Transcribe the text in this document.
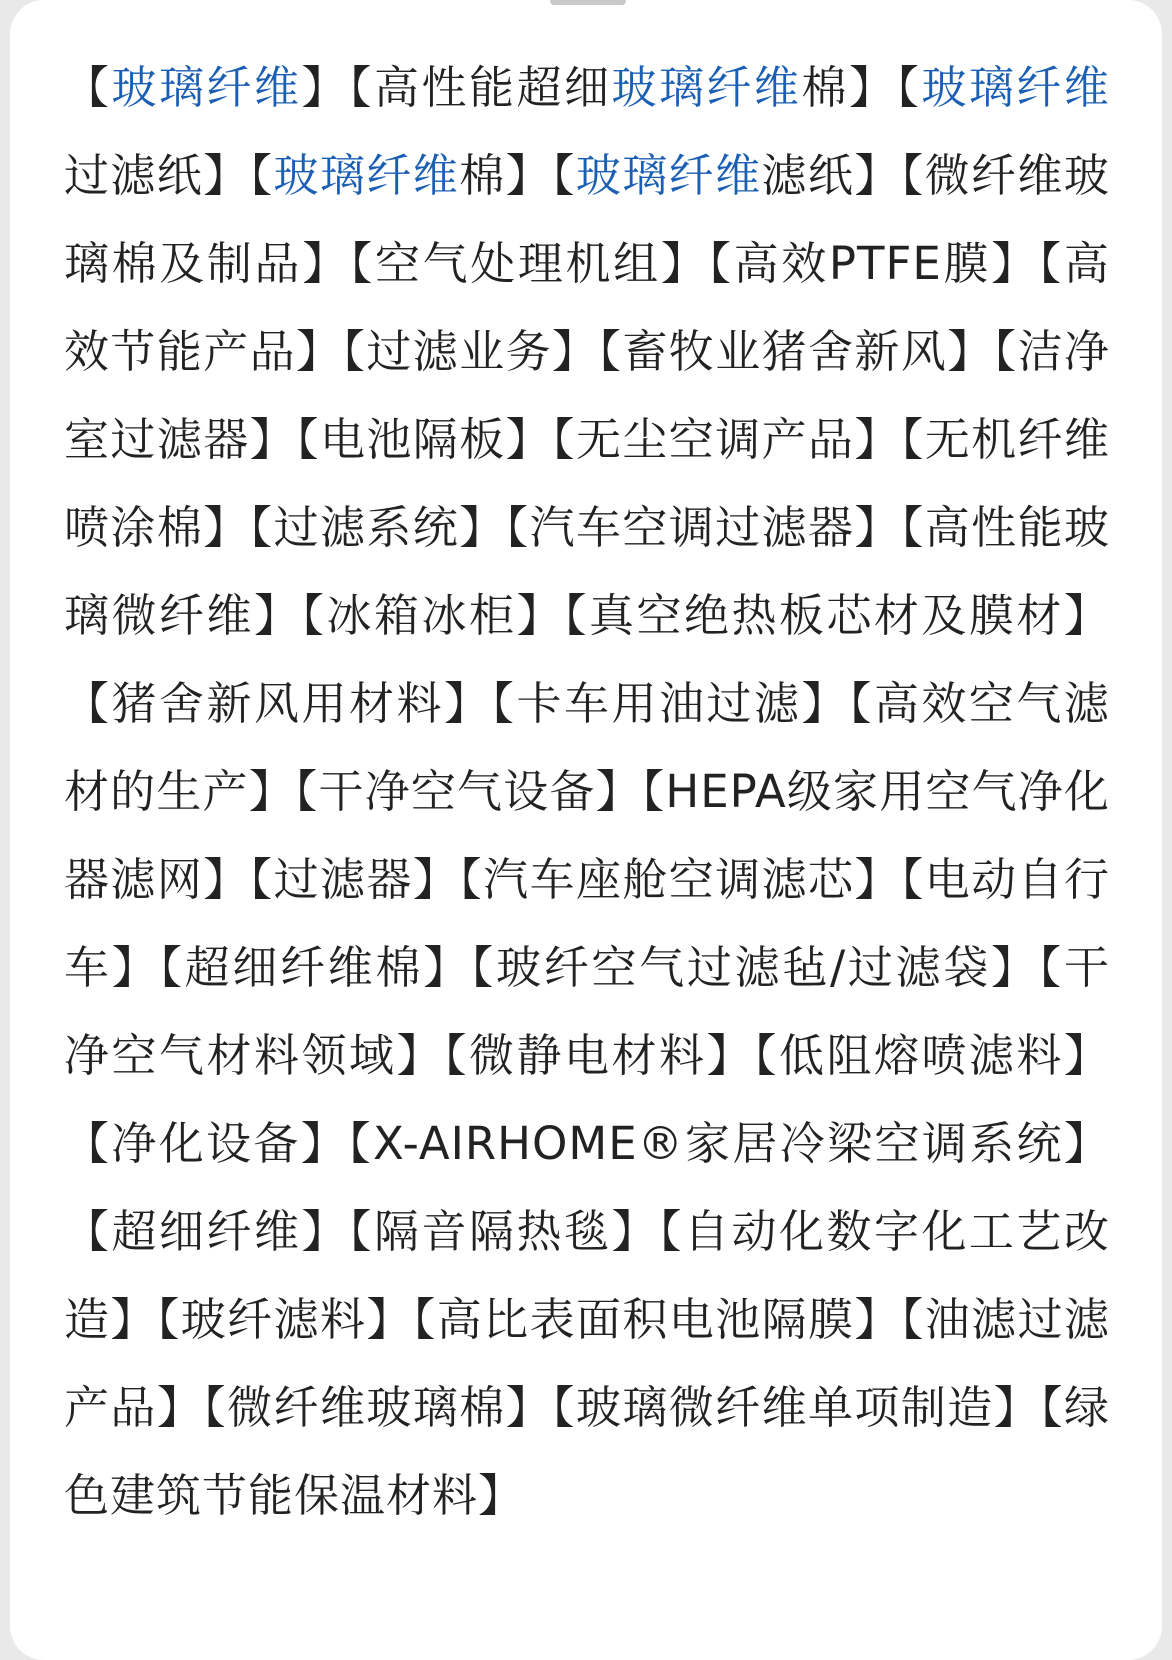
【玻璃纤维】【高性能超细玻璃纤维棉】【玻璃纤维过滤纸】【玻璃纤维棉】【玻璃纤维滤纸】【微纤维玻璃棉及制品】【空气处理机组】【高效PTFE膜】【高效节能产品】【过滤业务】【畜牧业猪舍新风】【洁净室过滤器】【电池隔板】【无尘空调产品】【无机纤维喷涂棉】【过滤系统】【汽车空调过滤器】【高性能玻璃微纤维】【冰箱冰柜】【真空绝热板芯材及膜材】【猪舍新风用材料】【卡车用油过滤】【高效空气滤材的生产】【干净空气设备】【HEPA级家用空气净化器滤网】【过滤器】【汽车座舱空调滤芯】【电动自行车】【超细纤维棉】【玻纤空气过滤毡/过滤袋】【干净空气材料领域】【微静电材料】【低阻熔喷滤料】【净化设备】【X-AIRHOME®家居冷梁空调系统】【超细纤维】【隔音隔热毯】【自动化数字化工艺改造】【玻纤滤料】【高比表面积电池隔膜】【油滤过滤产品】【微纤维玻璃棉】【玻璃微纤维单项制造】【绿色建筑节能保温材料】
